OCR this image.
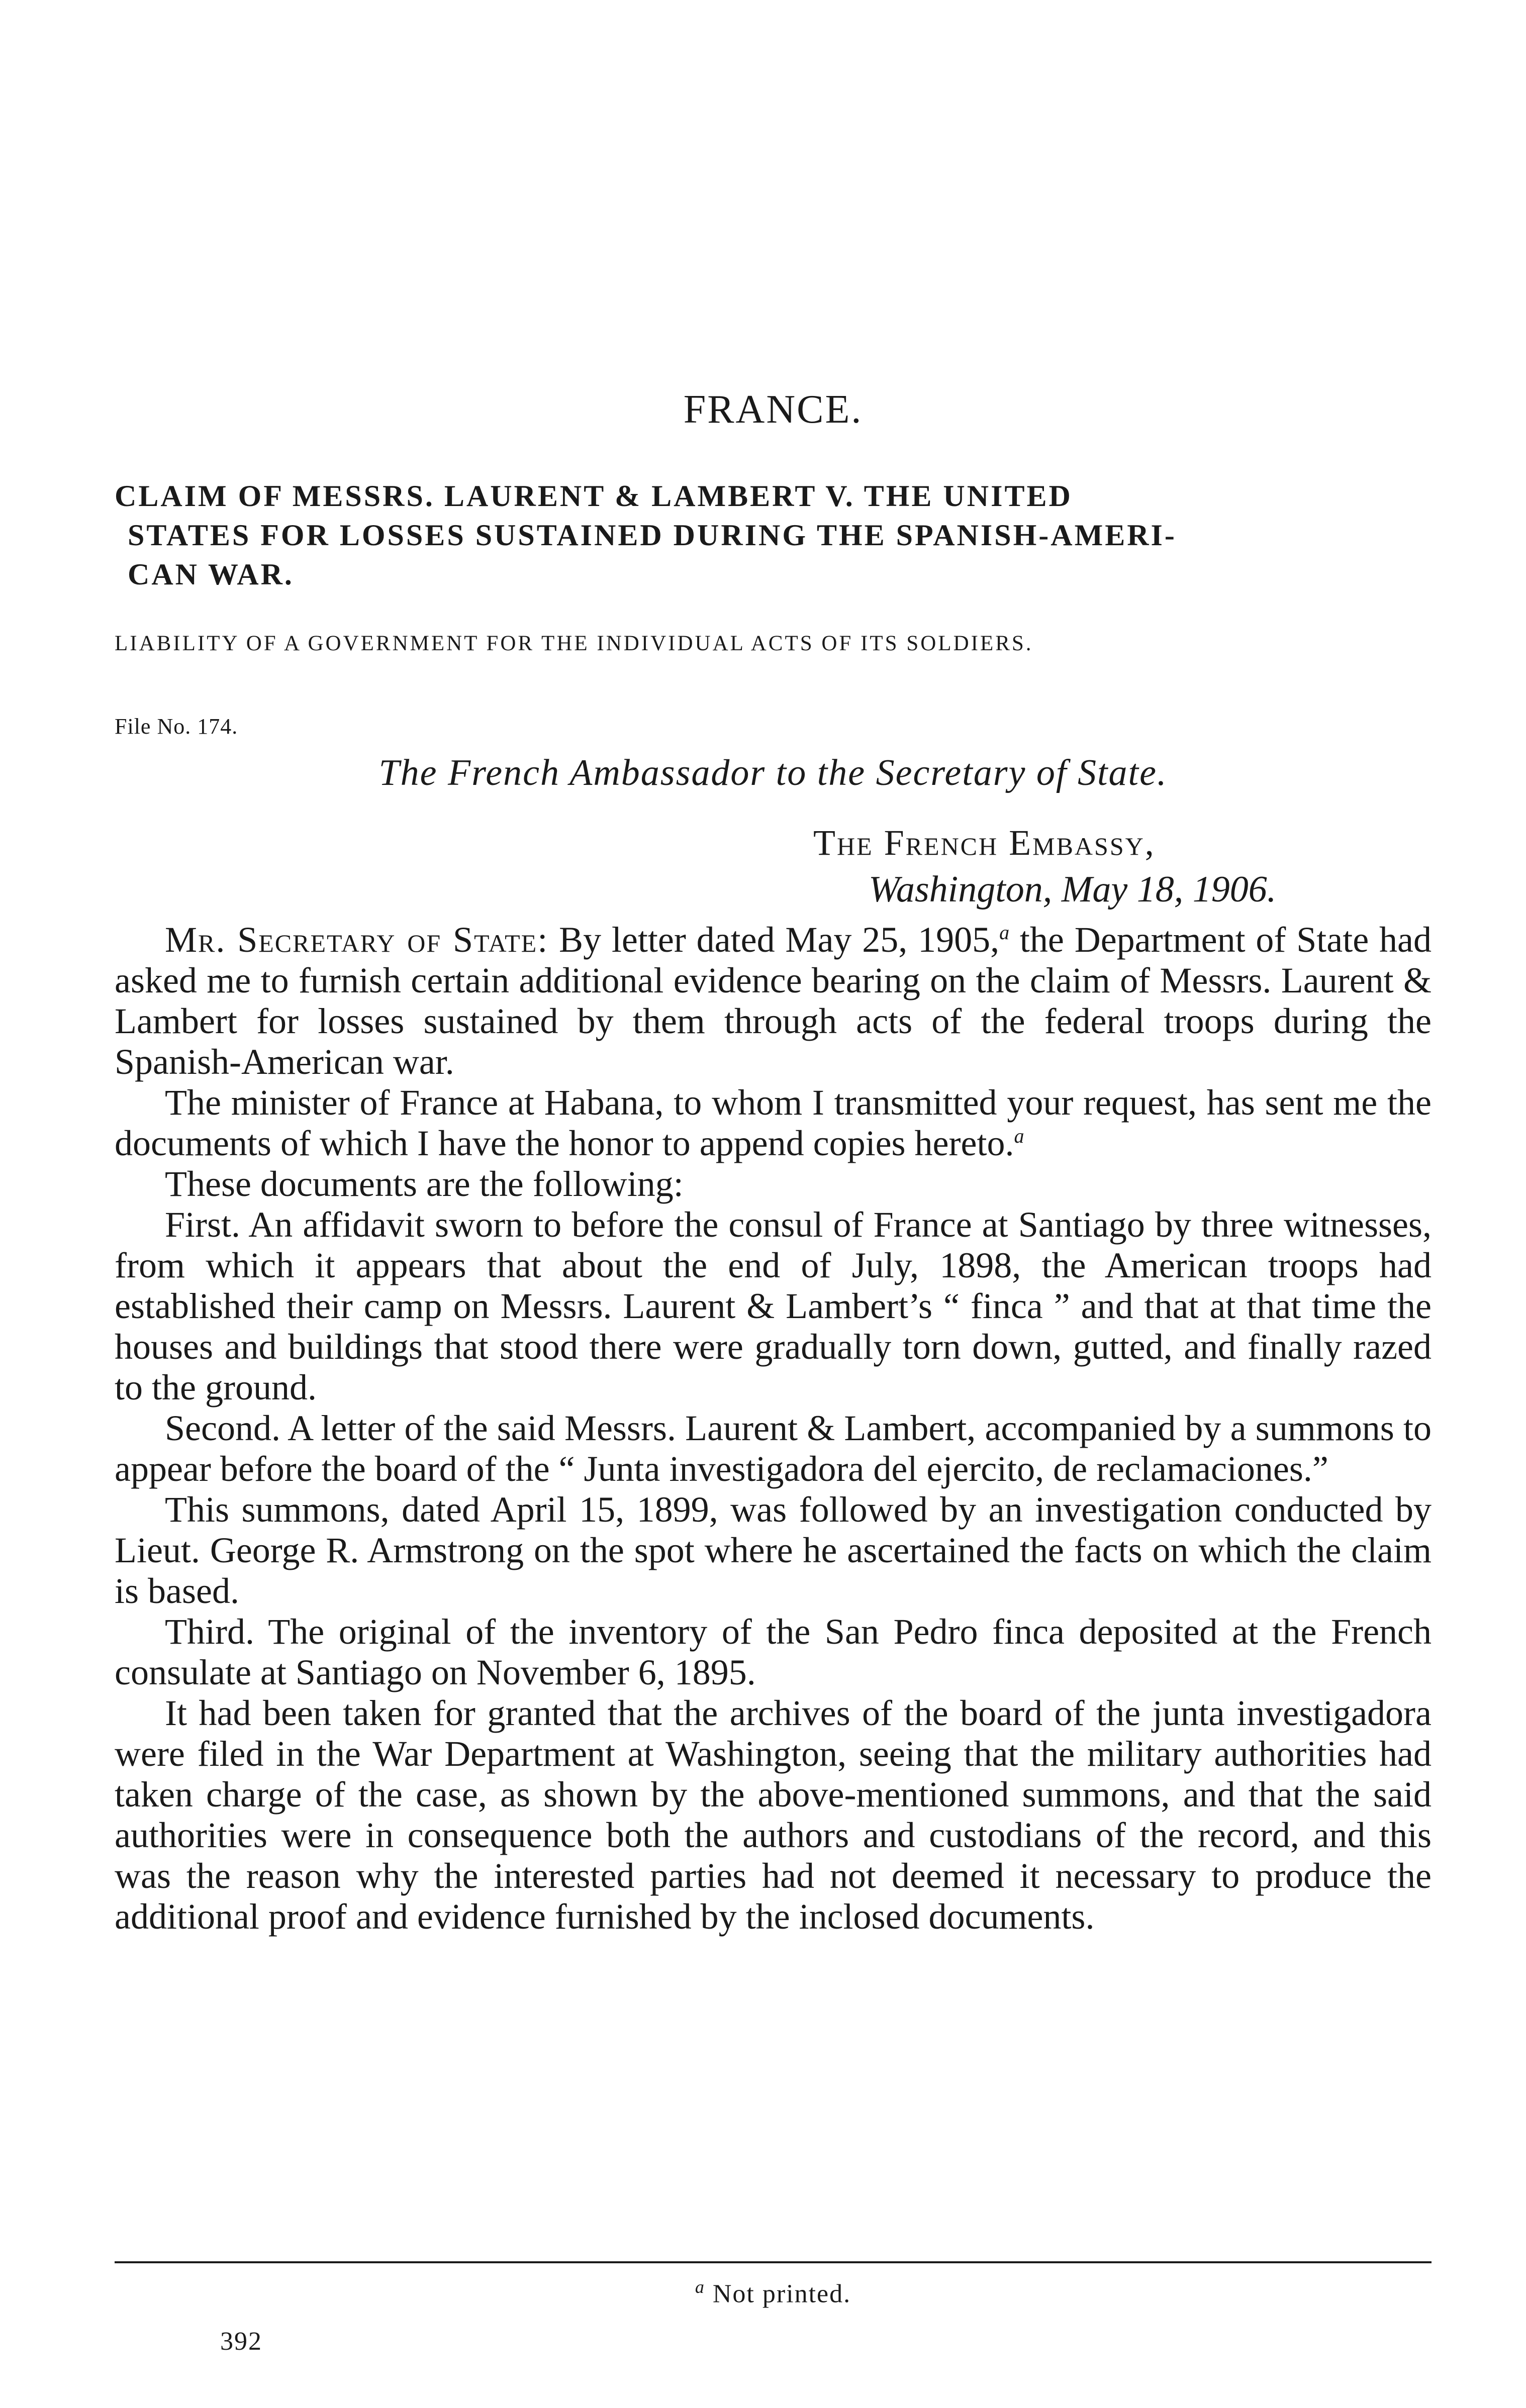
FRANCE.
CLAIM OF MESSRS. LAURENT & LAMBERT V. THE UNITED
STATES FOR LOSSES SUSTAINED DURING THE SPANISH-AMERI-
CAN WAR.
LIABILITY OF A GOVERNMENT FOR THE INDIVIDUAL ACTS OF ITS SOLDIERS.
File No. 174.
The French Ambassador to the Secretary of State.
The French Embassy,
Washington, May 18, 1906.

Mr. Secretary of State: By letter dated May 25, 1905,$^a$ the Department of State had asked me to furnish certain additional evidence bearing on the claim of Messrs. Laurent & Lambert for losses sustained by them through acts of the federal troops during the Spanish-American war.

The minister of France at Habana, to whom I transmitted your request, has sent me the documents of which I have the honor to append copies hereto.$^a$

These documents are the following:

First. An affidavit sworn to before the consul of France at Santiago by three witnesses, from which it appears that about the end of July, 1898, the American troops had established their camp on Messrs. Laurent & Lambert’s “ finca ” and that at that time the houses and buildings that stood there were gradually torn down, gutted, and finally razed to the ground.

Second. A letter of the said Messrs. Laurent & Lambert, accompanied by a summons to appear before the board of the “ Junta investigadora del ejercito, de reclamaciones.”

This summons, dated April 15, 1899, was followed by an investigation conducted by Lieut. George R. Armstrong on the spot where he ascertained the facts on which the claim is based.

Third. The original of the inventory of the San Pedro finca deposited at the French consulate at Santiago on November 6, 1895.

It had been taken for granted that the archives of the board of the junta investigadora were filed in the War Department at Washington, seeing that the military authorities had taken charge of the case, as shown by the above-mentioned summons, and that the said authorities were in consequence both the authors and custodians of the record, and this was the reason why the interested parties had not deemed it necessary to produce the additional proof and evidence furnished by the inclosed documents.

$^a$ Not printed.
392
